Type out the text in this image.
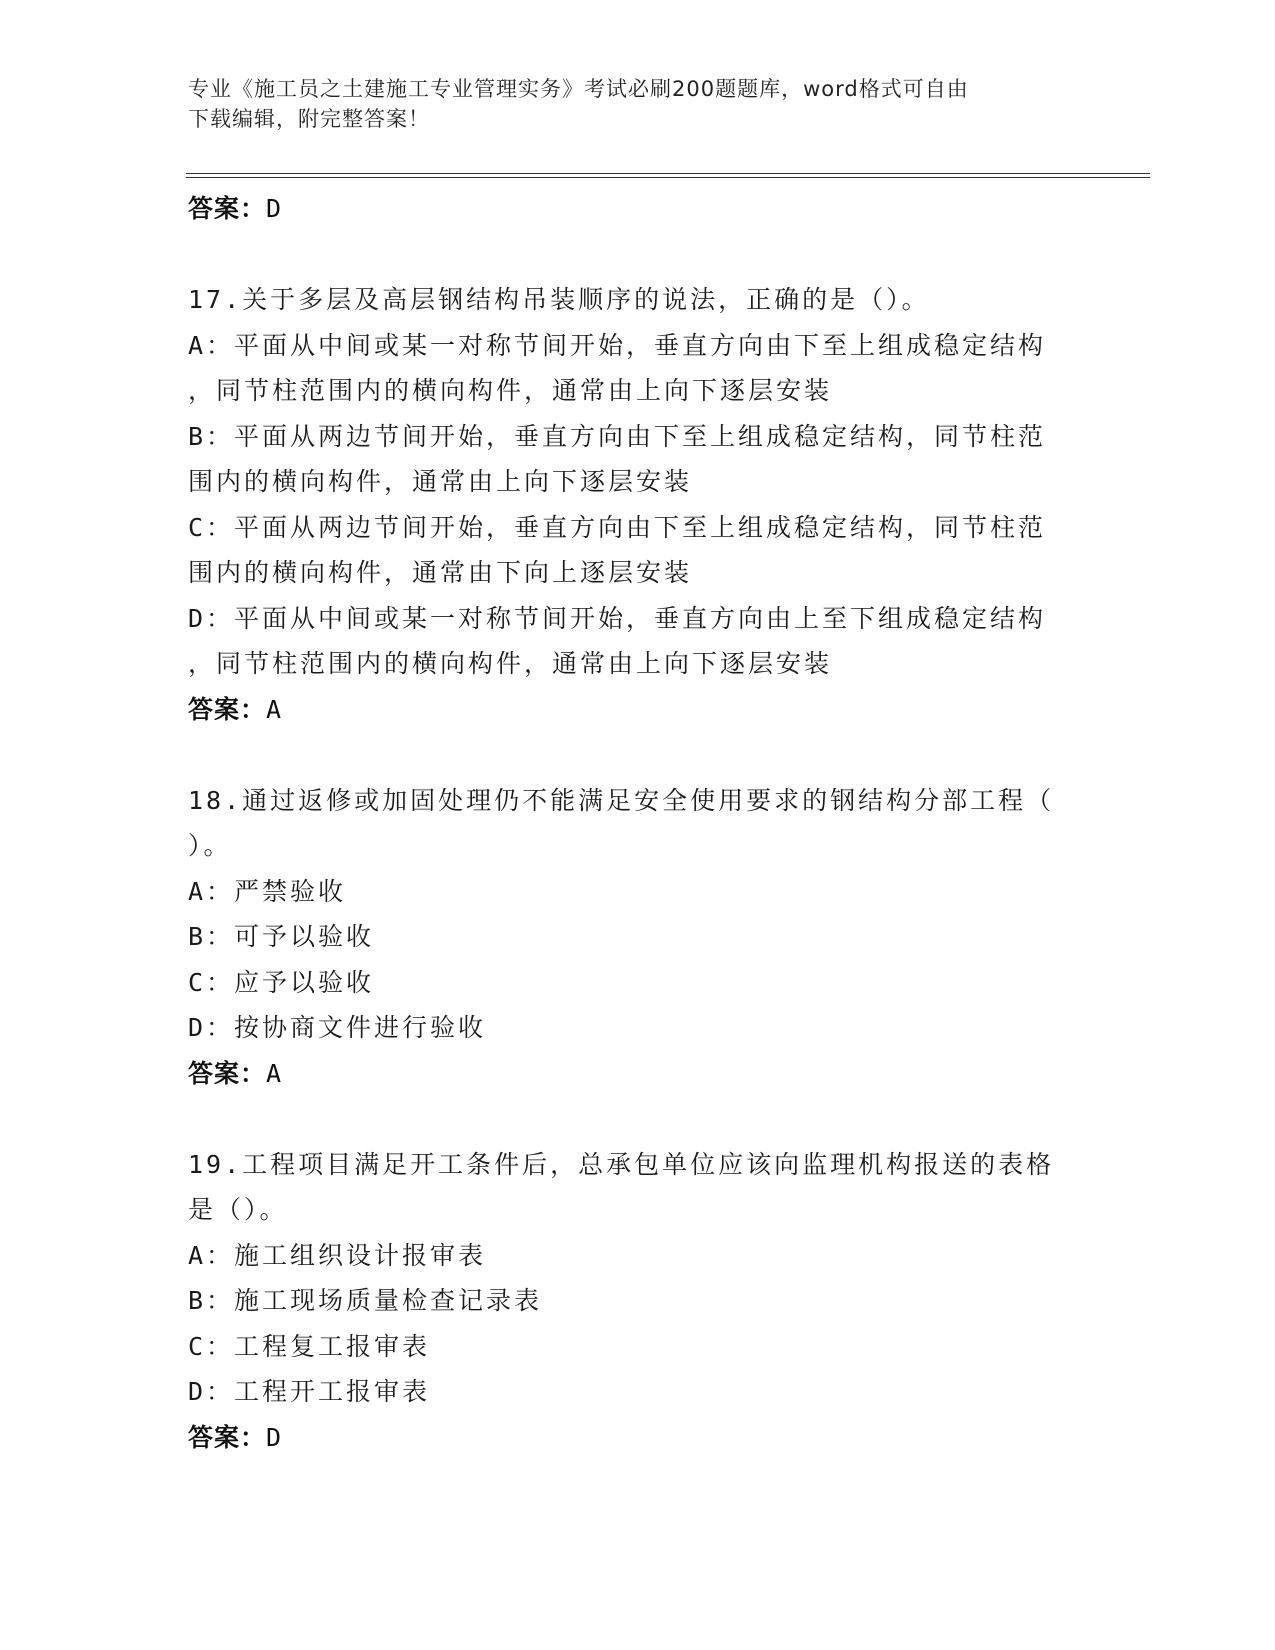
专业《施工员之土建施工专业管理实务》考试必刷200题题库，word格式可自由
下载编辑，附完整答案！
答案：D
17.关于多层及高层钢结构吊装顺序的说法，正确的是（）。
A：平面从中间或某一对称节间开始，垂直方向由下至上组成稳定结构
，同节柱范围内的横向构件，通常由上向下逐层安装
B：平面从两边节间开始，垂直方向由下至上组成稳定结构，同节柱范
围内的横向构件，通常由上向下逐层安装
C：平面从两边节间开始，垂直方向由下至上组成稳定结构，同节柱范
围内的横向构件，通常由下向上逐层安装
D：平面从中间或某一对称节间开始，垂直方向由上至下组成稳定结构
，同节柱范围内的横向构件，通常由上向下逐层安装
答案：A
18.通过返修或加固处理仍不能满足安全使用要求的钢结构分部工程（
）。
A：严禁验收
B：可予以验收
C：应予以验收
D：按协商文件进行验收
答案：A
19.工程项目满足开工条件后，总承包单位应该向监理机构报送的表格
是（）。
A：施工组织设计报审表
B：施工现场质量检查记录表
C：工程复工报审表
D：工程开工报审表
答案：D
